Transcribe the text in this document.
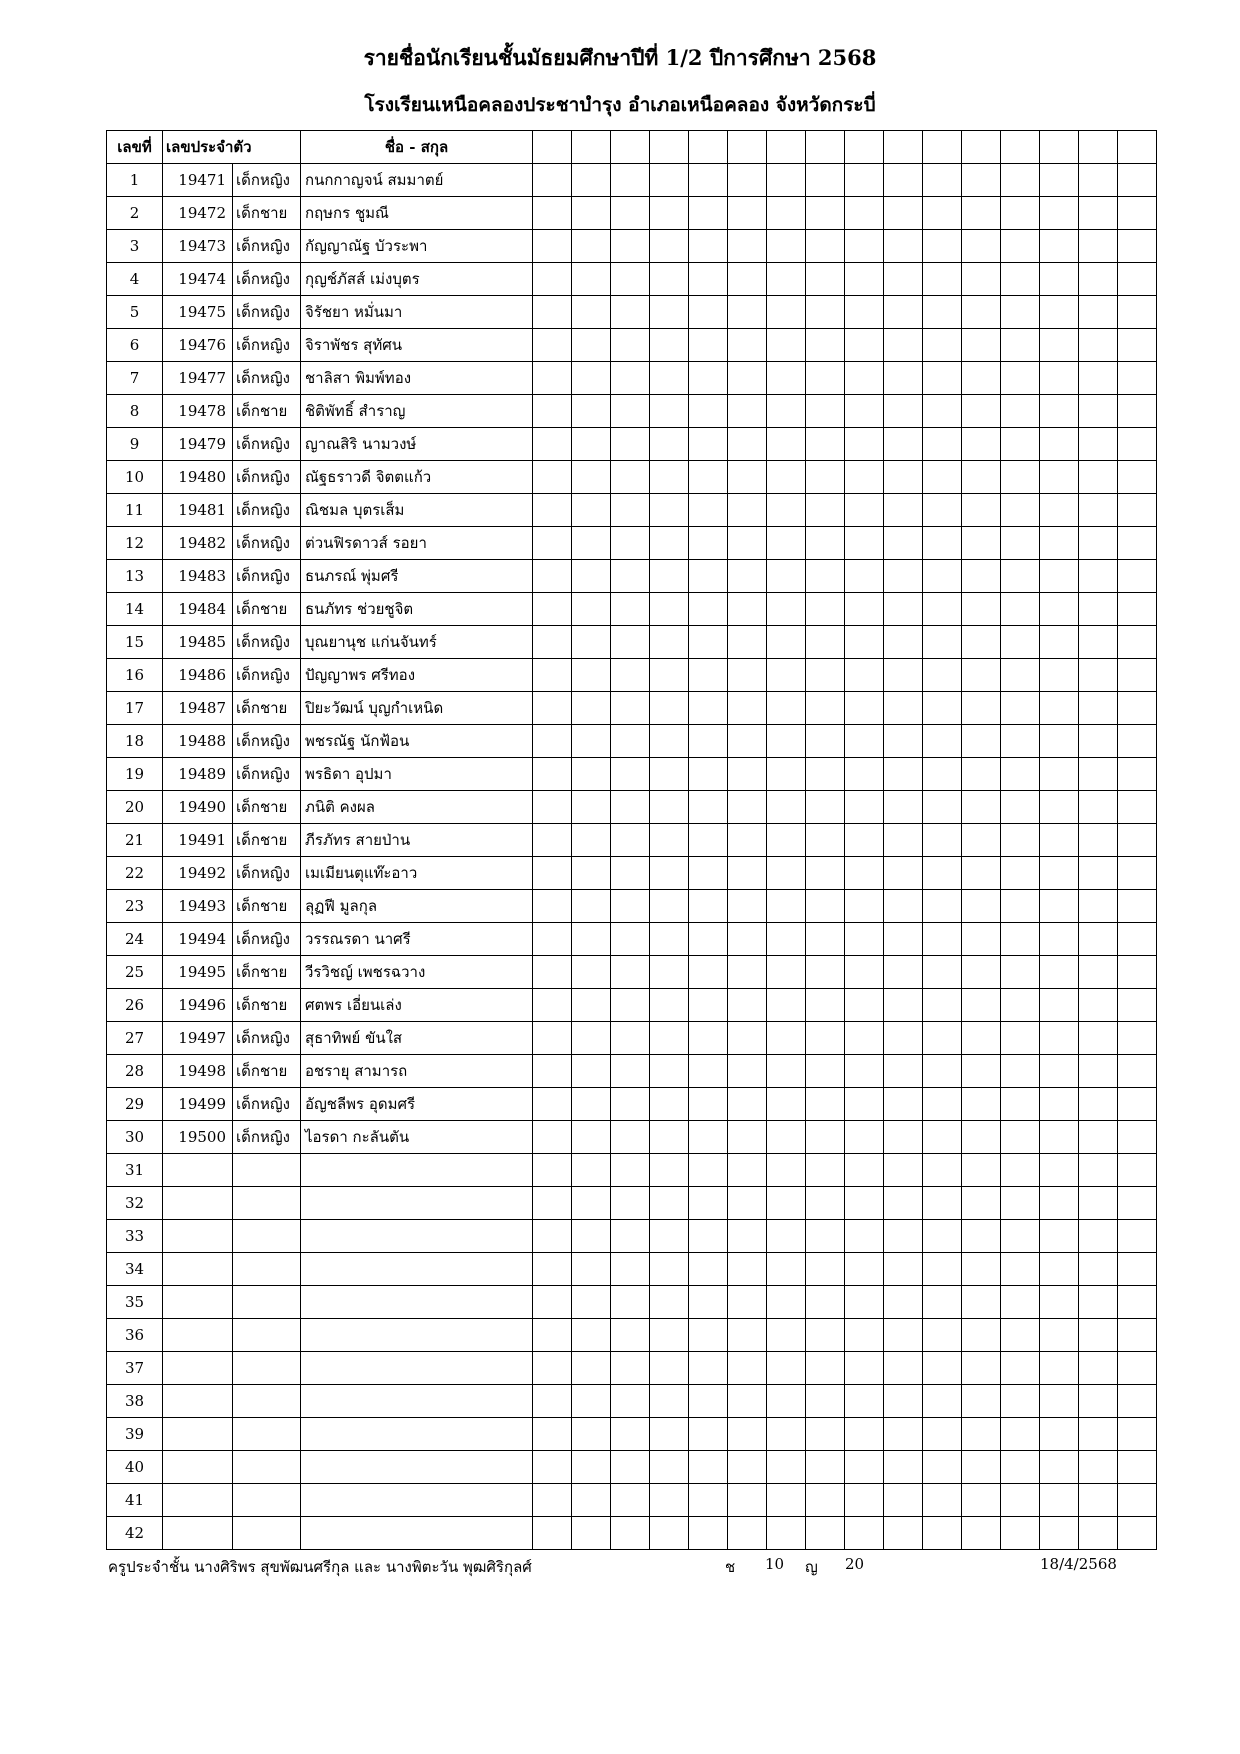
รายชื่อนักเรียนชั้นมัธยมศึกษาปีที่ 1/2 ปีการศึกษา 2568
โรงเรียนเหนือคลองประชาบำรุง อำเภอเหนือคลอง จังหวัดกระบี่
เลขที่	เลขประจำตัว		ชื่อ - สกุล																
1	19471	เด็กหญิง	กนกกาญจน์ สมมาตย์																
2	19472	เด็กชาย	กฤษกร ชูมณี																
3	19473	เด็กหญิง	กัญญาณัฐ บัวระพา																
4	19474	เด็กหญิง	กุญช์ภัสส์ เม่งบุตร																
5	19475	เด็กหญิง	จิรัชยา หมั่นมา																
6	19476	เด็กหญิง	จิราพัชร สุทัศน																
7	19477	เด็กหญิง	ชาลิสา พิมพ์ทอง																
8	19478	เด็กชาย	ชิติพัทธิ์ สำราญ																
9	19479	เด็กหญิง	ญาณสิริ นามวงษ์																
10	19480	เด็กหญิง	ณัฐธราวดี จิตตแก้ว																
11	19481	เด็กหญิง	ณิชมล บุตรเส็ม																
12	19482	เด็กหญิง	ต่วนฟิรดาวส์ รอยา																
13	19483	เด็กหญิง	ธนภรณ์ พุ่มศรี																
14	19484	เด็กชาย	ธนภัทร ช่วยชูจิต																
15	19485	เด็กหญิง	บุณยานุช แก่นจันทร์																
16	19486	เด็กหญิง	ปัญญาพร ศรีทอง																
17	19487	เด็กชาย	ปิยะวัฒน์ บุญกำเหนิด																
18	19488	เด็กหญิง	พชรณัฐ นักฟ้อน																
19	19489	เด็กหญิง	พรธิดา อุปมา																
20	19490	เด็กชาย	ภนิติ คงผล																
21	19491	เด็กชาย	ภีรภัทร สายป่าน																
22	19492	เด็กหญิง	เมเมียนตุแท๊ะอาว																
23	19493	เด็กชาย	ลุฏฟี มูลกุล																
24	19494	เด็กหญิง	วรรณรดา นาศรี																
25	19495	เด็กชาย	วีรวิชญ์ เพชรฉวาง																
26	19496	เด็กชาย	ศตพร เอี่ยนเล่ง																
27	19497	เด็กหญิง	สุธาทิพย์ ขันใส																
28	19498	เด็กชาย	อชรายุ สามารถ																
29	19499	เด็กหญิง	อัญชลีพร อุดมศรี																
30	19500	เด็กหญิง	ไอรดา กะลันตัน																
31																			
32																			
33																			
34																			
35																			
36																			
37																			
38																			
39																			
40																			
41																			
42																			
ครูประจำชั้น นางศิริพร สุขพัฒนศรีกุล และ นางพิตะวัน พุฒศิริกุลศ์	ช 10 ญ 20	18/4/2568
